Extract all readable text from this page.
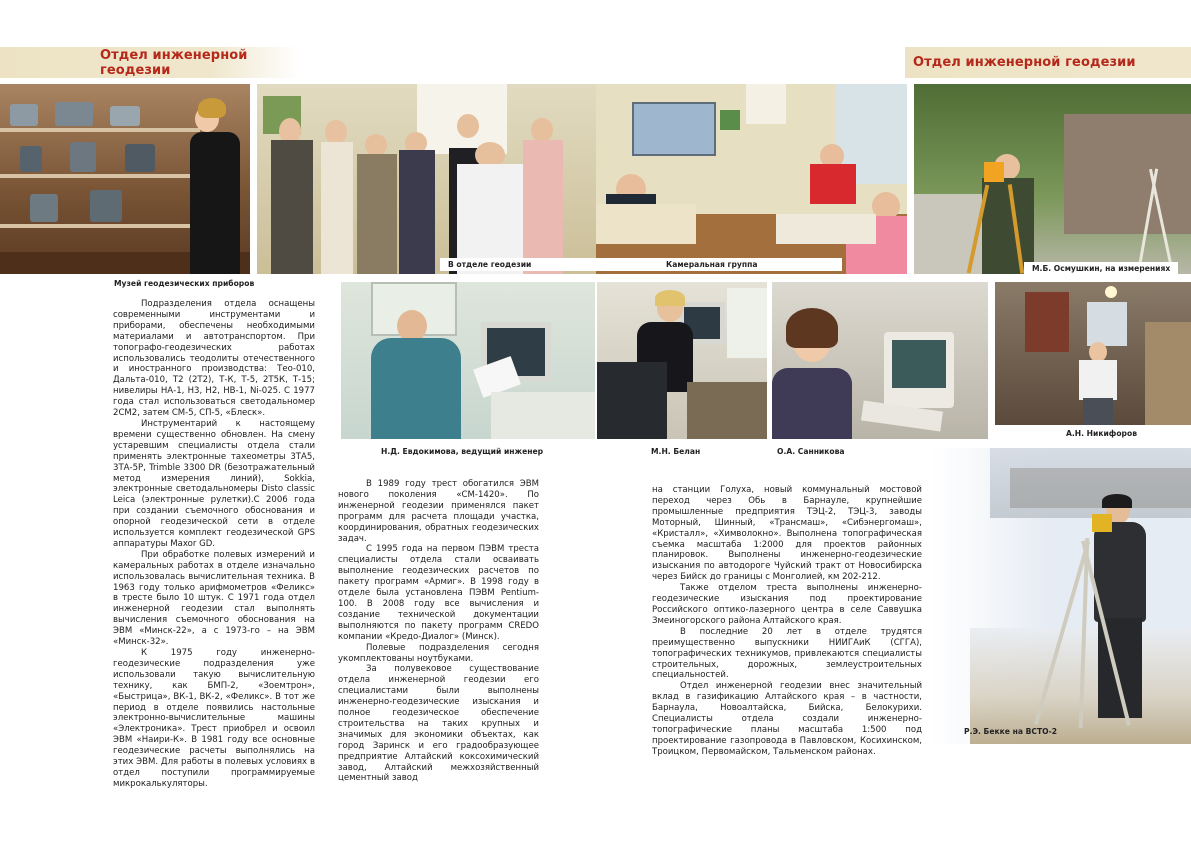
Отдел инженерной геодезии	Отдел инженерной геодезии
Музей геодезических приборов
В отделе геодезии	Камеральная группа	М.Б. Осмушкин, на измерениях
Н.Д. Евдокимова, ведущий инженер	М.Н. Белан	О.А. Санникова
А.Н. Никифоров
Р.Э. Бекке на ВСТО-2

Подразделения отдела оснащены современными инструментами и приборами, обеспечены необходимыми материалами и автотранспортом. При топографо-геодезических работах использовались теодолиты отечественного и иностранного производства: Тео-010, Дальта-010, Т2 (2Т2), Т-К, Т-5, 2Т5К, Т-15; нивелиры НА-1, Н3, Н2, НВ-1, Ni-025. С 1977 года стал использоваться светодальномер 2СМ2, затем СМ-5, СП-5, «Блеск».

Инструментарий к настоящему времени существенно обновлен. На смену устаревшим специалисты отдела стали применять электронные тахеометры 3ТА5, 3ТА-5Р, Trimble 3300 DR (безотражательный метод измерения линий), Sokkia, электронные светодальномеры Disto classic Leica (электронные рулетки).С 2006 года при создании съемочного обоснования и опорной геодезической сети в отделе используется комплект геодезической GPS аппаратуры Maxor GD.

При обработке полевых измерений и камеральных работах в отделе изначально использовалась вычислительная техника. В 1963 году только арифмометров «Феликс» в тресте было 10 штук. С 1971 года отдел инженерной геодезии стал выполнять вычисления съемочного обоснования на ЭВМ «Минск-22», а с 1973-го – на ЭВМ «Минск-32».

К 1975 году инженерно-геодезические подразделения уже использовали такую вычислительную технику, как БМП-2, «Зоемтрон», «Быстрица», ВК-1, ВК-2, «Феликс». В тот же период в отделе появились настольные электронно-вычислительные машины «Электроника». Трест приобрел и освоил ЭВМ «Наири-К». В 1981 году все основные геодезические расчеты выполнялись на этих ЭВМ. Для работы в полевых условиях в отдел поступили программируемые микрокалькуляторы.

В 1989 году трест обогатился ЭВМ нового поколения «СМ-1420». По инженерной геодезии применялся пакет программ для расчета площади участка, координирования, обратных геодезических задач.

С 1995 года на первом ПЭВМ треста специалисты отдела стали осваивать выполнение геодезических расчетов по пакету программ «Армиг». В 1998 году в отделе была установлена ПЭВМ Pentium-100. В 2008 году все вычисления и создание технической документации выполняются по пакету программ CREDO компании «Кредо-Диалог» (Минск).

Полевые подразделения сегодня укомплектованы ноутбуками.

За полувековое существование отдела инженерной геодезии его специалистами были выполнены инженерно-геодезические изыскания и полное геодезическое обеспечение строительства на таких крупных и значимых для экономики объектах, как город Заринск и его градообразующее предприятие Алтайский коксохимический завод, Алтайский межхозяйственный цементный завод

на станции Голуха, новый коммунальный мостовой переход через Обь в Барнауле, крупнейшие промышленные предприятия ТЭЦ-2, ТЭЦ-3, заводы Моторный, Шинный, «Трансмаш», «Сибэнергомаш», «Кристалл», «Химволокно». Выполнена топографическая съемка масштаба 1:2000 для проектов районных планировок. Выполнены инженерно-геодезические изыскания по автодороге Чуйский тракт от Новосибирска через Бийск до границы с Монголией, км 202-212.

Также отделом треста выполнены инженерно-геодезические изыскания под проектирование Российского оптико-лазерного центра в селе Саввушка Змеиногорского района Алтайского края.

В последние 20 лет в отделе трудятся преимущественно выпускники НИИГАиК (СГГА), топографических техникумов, привлекаются специалисты строительных, дорожных, землеустроительных специальностей.

Отдел инженерной геодезии внес значительный вклад в газификацию Алтайского края – в частности, Барнаула, Новоалтайска, Бийска, Белокурихи. Специалисты отдела создали инженерно-топографические планы масштаба 1:500 под проектирование газопровода в Павловском, Косихинском, Троицком, Первомайском, Тальменском районах.
